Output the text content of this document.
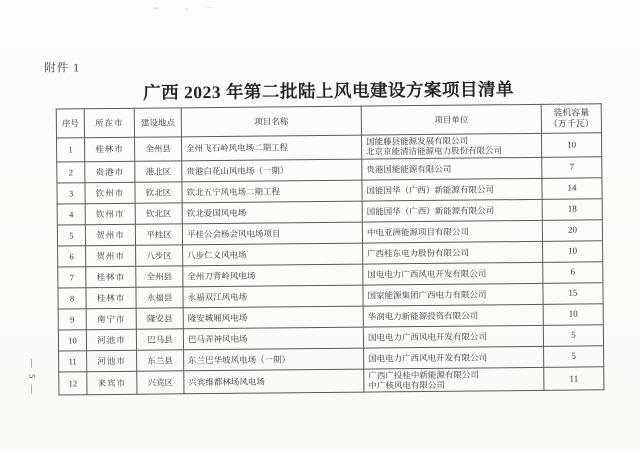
附件 1
广西 2023 年第二批陆上风电建设方案项目清单
— 5 —
序号	所在市	建设地点	项目名称	项目单位	装机容量
（万千瓦）
1	桂林市	全州县	全州飞石岭风电场二期工程	国能藤县能源发展有限公司
北京京能清洁能源电力股份有限公司	10
2	贵港市	港北区	贵港白花山风电场（一期）	贵港国能能源有限公司	7
3	钦州市	钦北区	钦北五宁风电场二期工程	国能国华（广西）新能源有限公司	14
4	钦州市	钦北区	钦北爱国风电场	国能国华（广西）新能源有限公司	18
5	贺州市	平桂区	平桂公会杨会风电场项目	中电亚洲能源项目有限公司	20
6	贺州市	八步区	八步仁义风电场	广西桂东电力股份有限公司	10
7	桂林市	全州县	全州刀背岭风电场	国电电力广西风电开发有限公司	6
8	桂林市	永福县	永福双江风电场	国家能源集团广西电力有限公司	15
9	南宁市	隆安县	隆安城厢风电场	华润电力新能源投资有限公司	10
10	河池市	巴马县	巴马弄神风电场	国电电力广西风电开发有限公司	5
11	河池市	东兰县	东兰巴华坡风电场（一期）	国电电力广西风电开发有限公司	5
12	来宾市	兴宾区	兴宾维都林场风电场	广西广投桂中新能源有限公司
中广核风电有限公司	11
